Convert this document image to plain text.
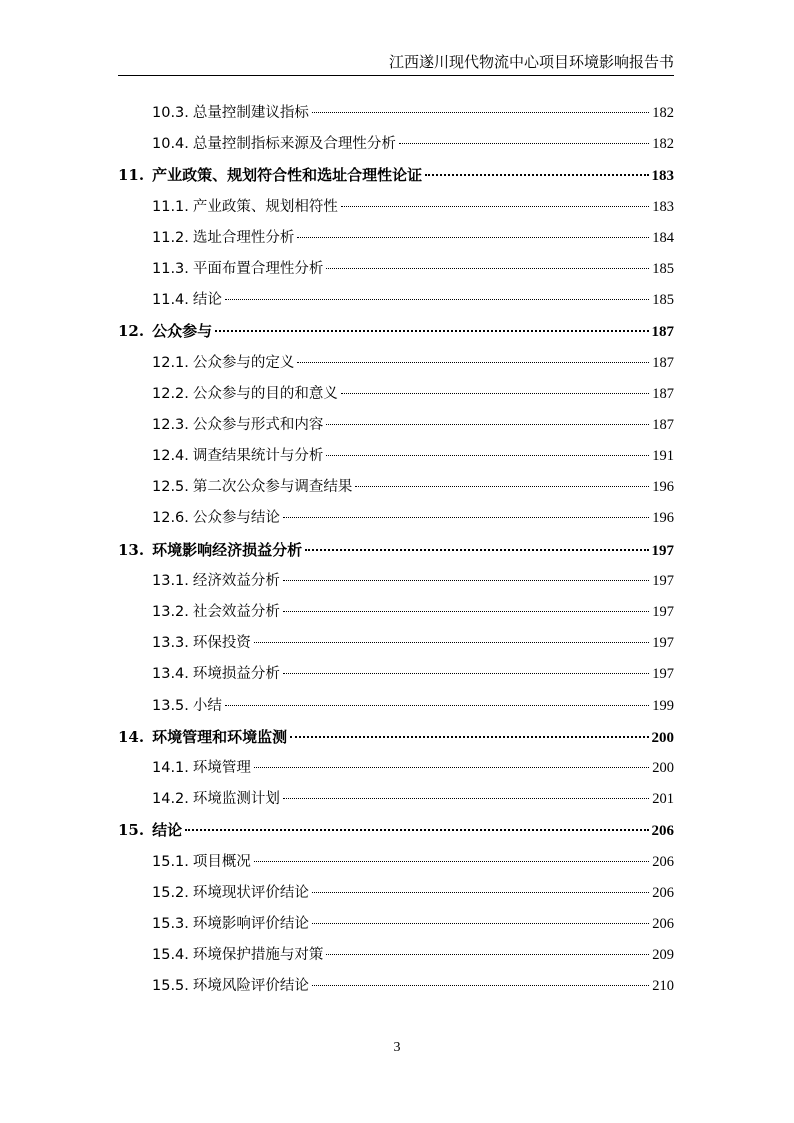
江西遂川现代物流中心项目环境影响报告书
10.3. 总量控制建议指标	182
10.4. 总量控制指标来源及合理性分析	182
11. 产业政策、规划符合性和选址合理性论证	183
11.1. 产业政策、规划相符性	183
11.2. 选址合理性分析	184
11.3. 平面布置合理性分析	185
11.4. 结论	185
12. 公众参与	187
12.1. 公众参与的定义	187
12.2. 公众参与的目的和意义	187
12.3. 公众参与形式和内容	187
12.4. 调查结果统计与分析	191
12.5. 第二次公众参与调查结果	196
12.6. 公众参与结论	196
13. 环境影响经济损益分析	197
13.1. 经济效益分析	197
13.2. 社会效益分析	197
13.3. 环保投资	197
13.4. 环境损益分析	197
13.5. 小结	199
14. 环境管理和环境监测	200
14.1. 环境管理	200
14.2. 环境监测计划	201
15. 结论	206
15.1. 项目概况	206
15.2. 环境现状评价结论	206
15.3. 环境影响评价结论	206
15.4. 环境保护措施与对策	209
15.5. 环境风险评价结论	210
3
